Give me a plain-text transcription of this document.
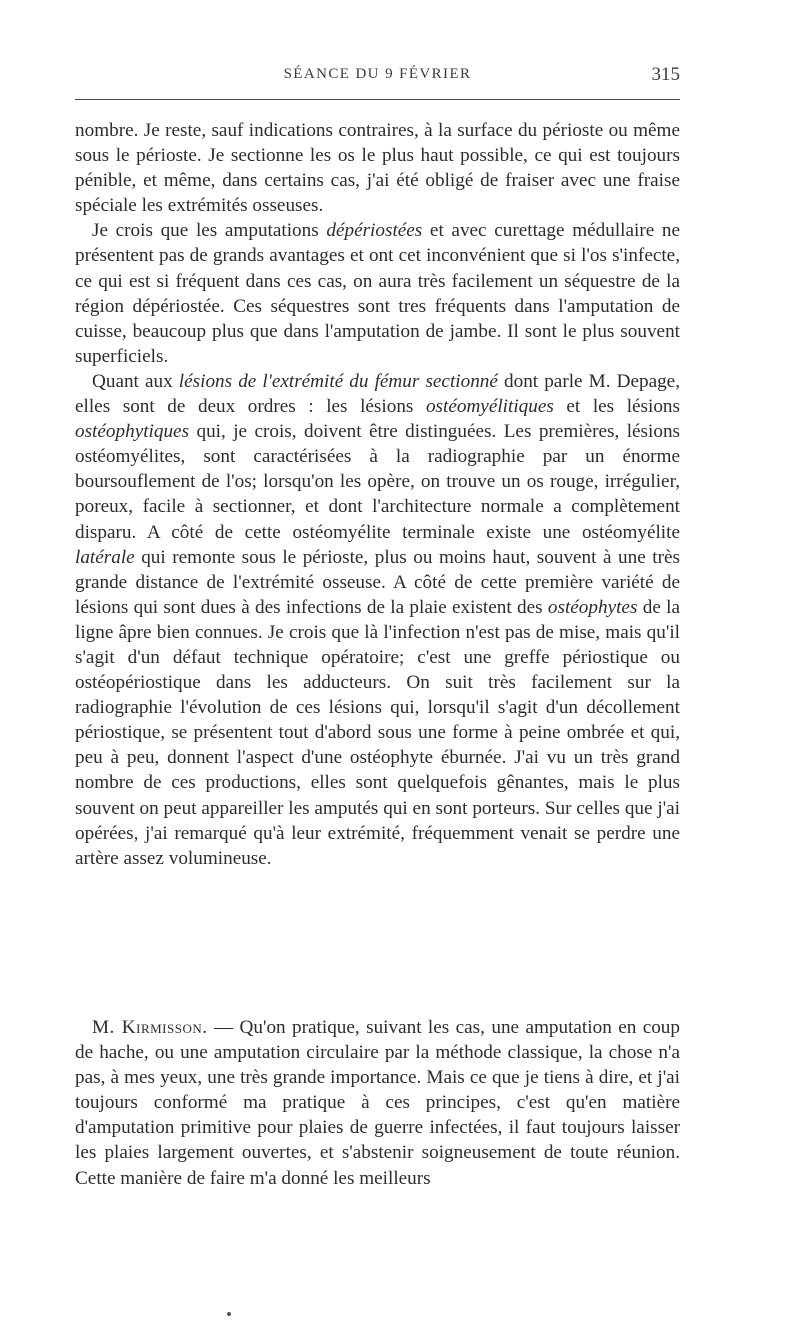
SÉANCE DU 9 FÉVRIER	315

nombre. Je reste, sauf indications contraires, à la surface du périoste ou même sous le périoste. Je sectionne les os le plus haut possible, ce qui est toujours pénible, et même, dans certains cas, j'ai été obligé de fraiser avec une fraise spéciale les extrémités osseuses.

Je crois que les amputations dépériostées et avec curettage médullaire ne présentent pas de grands avantages et ont cet inconvénient que si l'os s'infecte, ce qui est si fréquent dans ces cas, on aura très facilement un séquestre de la région dépériostée. Ces séquestres sont tres fréquents dans l'amputation de cuisse, beaucoup plus que dans l'amputation de jambe. Il sont le plus souvent superficiels.

Quant aux lésions de l'extrémité du fémur sectionné dont parle M. Depage, elles sont de deux ordres : les lésions ostéomyélitiques et les lésions ostéophytiques qui, je crois, doivent être distinguées. Les premières, lésions ostéomyélites, sont caractérisées à la radiographie par un énorme boursouflement de l'os; lorsqu'on les opère, on trouve un os rouge, irrégulier, poreux, facile à sectionner, et dont l'architecture normale a complètement disparu. A côté de cette ostéomyélite terminale existe une ostéomyélite latérale qui remonte sous le périoste, plus ou moins haut, souvent à une très grande distance de l'extrémité osseuse. A côté de cette première variété de lésions qui sont dues à des infections de la plaie existent des ostéophytes de la ligne âpre bien connues. Je crois que là l'infection n'est pas de mise, mais qu'il s'agit d'un défaut technique opératoire; c'est une greffe périostique ou ostéopériostique dans les adducteurs. On suit très facilement sur la radiographie l'évolution de ces lésions qui, lorsqu'il s'agit d'un décollement périostique, se présentent tout d'abord sous une forme à peine ombrée et qui, peu à peu, donnent l'aspect d'une ostéophyte éburnée. J'ai vu un très grand nombre de ces productions, elles sont quelquefois gênantes, mais le plus souvent on peut appareiller les amputés qui en sont porteurs. Sur celles que j'ai opérées, j'ai remarqué qu'à leur extrémité, fréquemment venait se perdre une artère assez volumineuse.

M. Kirmisson. — Qu'on pratique, suivant les cas, une amputation en coup de hache, ou une amputation circulaire par la méthode classique, la chose n'a pas, à mes yeux, une très grande importance. Mais ce que je tiens à dire, et j'ai toujours conformé ma pratique à ces principes, c'est qu'en matière d'amputation primitive pour plaies de guerre infectées, il faut toujours laisser les plaies largement ouvertes, et s'abstenir soigneusement de toute réunion. Cette manière de faire m'a donné les meilleurs
